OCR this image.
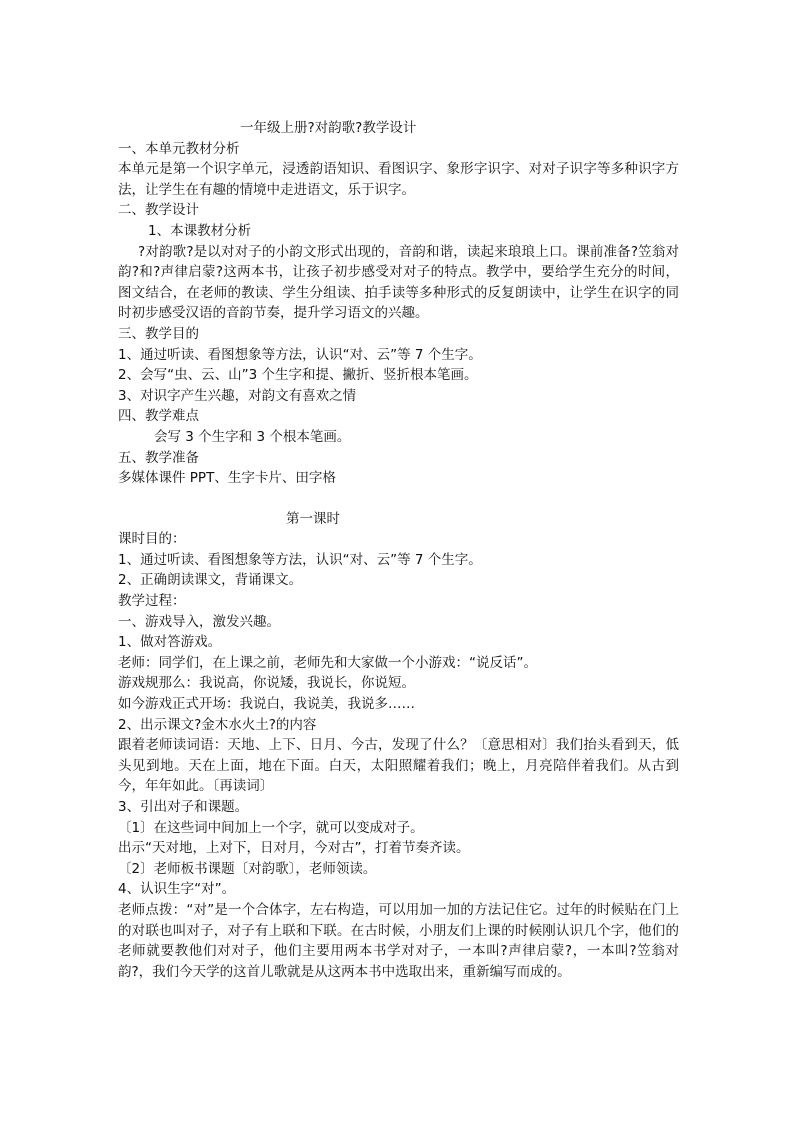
一年级上册?对韵歌?教学设计
一、本单元教材分析
本单元是第一个识字单元，浸透韵语知识、看图识字、象形字识字、对对子识字等多种识字方法，让学生在有趣的情境中走进语文，乐于识字。
二、教学设计
1、本课教材分析
?对韵歌?是以对对子的小韵文形式出现的，音韵和谐，读起来琅琅上口。课前准备?笠翁对韵?和?声律启蒙?这两本书，让孩子初步感受对对子的特点。教学中，要给学生充分的时间，图文结合，在老师的教读、学生分组读、拍手读等多种形式的反复朗读中，让学生在识字的同时初步感受汉语的音韵节奏，提升学习语文的兴趣。
三、教学目的
1、通过听读、看图想象等方法，认识“对、云”等 7 个生字。
2、会写“虫、云、山”3 个生字和提、撇折、竖折根本笔画。
3、对识字产生兴趣，对韵文有喜欢之情
四、教学难点
会写 3 个生字和 3 个根本笔画。
五、教学准备
多媒体课件 PPT、生字卡片、田字格
第一课时
课时目的：
1、通过听读、看图想象等方法，认识“对、云”等 7 个生字。
2、正确朗读课文，背诵课文。
教学过程：
一、游戏导入，激发兴趣。
1、做对答游戏。
老师：同学们，在上课之前，老师先和大家做一个小游戏：“说反话”。
游戏规那么：我说高，你说矮，我说长，你说短。
如今游戏正式开场：我说白，我说美，我说多……
2、出示课文?金木水火土?的内容
跟着老师读词语：天地、上下、日月、今古，发现了什么？〔意思相对〕我们抬头看到天，低头见到地。天在上面，地在下面。白天，太阳照耀着我们；晚上，月亮陪伴着我们。从古到今，年年如此。〔再读词〕
3、引出对子和课题。
〔1〕在这些词中间加上一个字，就可以变成对子。
出示“天对地，上对下，日对月，今对古”，打着节奏齐读。
〔2〕老师板书课题〔对韵歌〕，老师领读。
4、认识生字“对”。
老师点拨：“对”是一个合体字，左右构造，可以用加一加的方法记住它。过年的时候贴在门上的对联也叫对子，对子有上联和下联。在古时候，小朋友们上课的时候刚认识几个字，他们的老师就要教他们对对子，他们主要用两本书学对对子，一本叫?声律启蒙?，一本叫?笠翁对韵?，我们今天学的这首儿歌就是从这两本书中选取出来，重新编写而成的。
